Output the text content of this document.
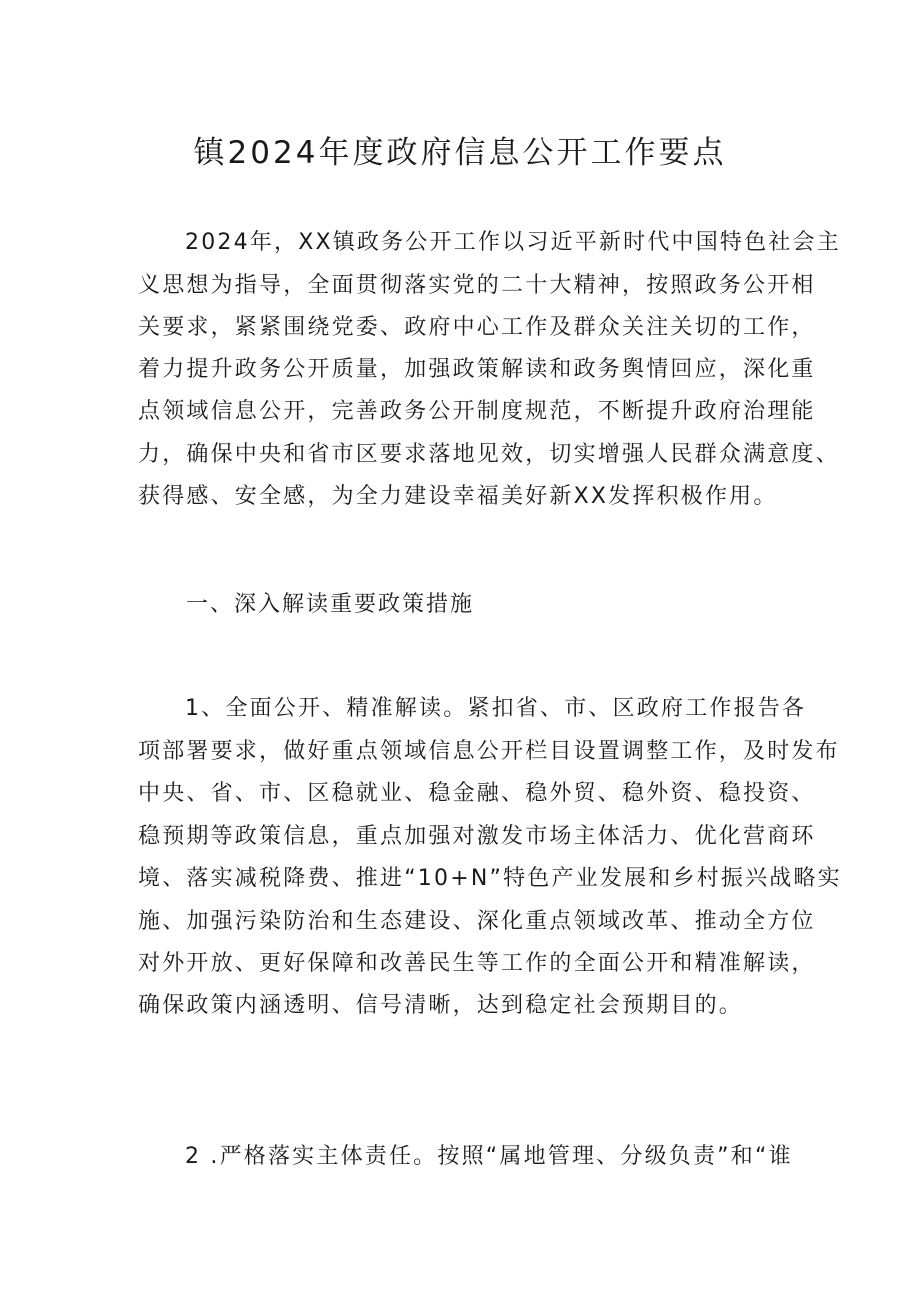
镇2024年度政府信息公开工作要点
2024年，XX镇政务公开工作以习近平新时代中国特色社会主
义思想为指导，全面贯彻落实党的二十大精神，按照政务公开相
关要求，紧紧围绕党委、政府中心工作及群众关注关切的工作，
着力提升政务公开质量，加强政策解读和政务舆情回应，深化重
点领域信息公开，完善政务公开制度规范，不断提升政府治理能
力，确保中央和省市区要求落地见效，切实增强人民群众满意度、
获得感、安全感，为全力建设幸福美好新XX发挥积极作用。
一、深入解读重要政策措施
1、全面公开、精准解读。紧扣省、市、区政府工作报告各
项部署要求，做好重点领域信息公开栏目设置调整工作，及时发布
中央、省、市、区稳就业、稳金融、稳外贸、稳外资、稳投资、
稳预期等政策信息，重点加强对激发市场主体活力、优化营商环
境、落实减税降费、推进“10+N”特色产业发展和乡村振兴战略实
施、加强污染防治和生态建设、深化重点领域改革、推动全方位
对外开放、更好保障和改善民生等工作的全面公开和精准解读，
确保政策内涵透明、信号清晰，达到稳定社会预期目的。
2 .严格落实主体责任。按照“属地管理、分级负责”和“谁
